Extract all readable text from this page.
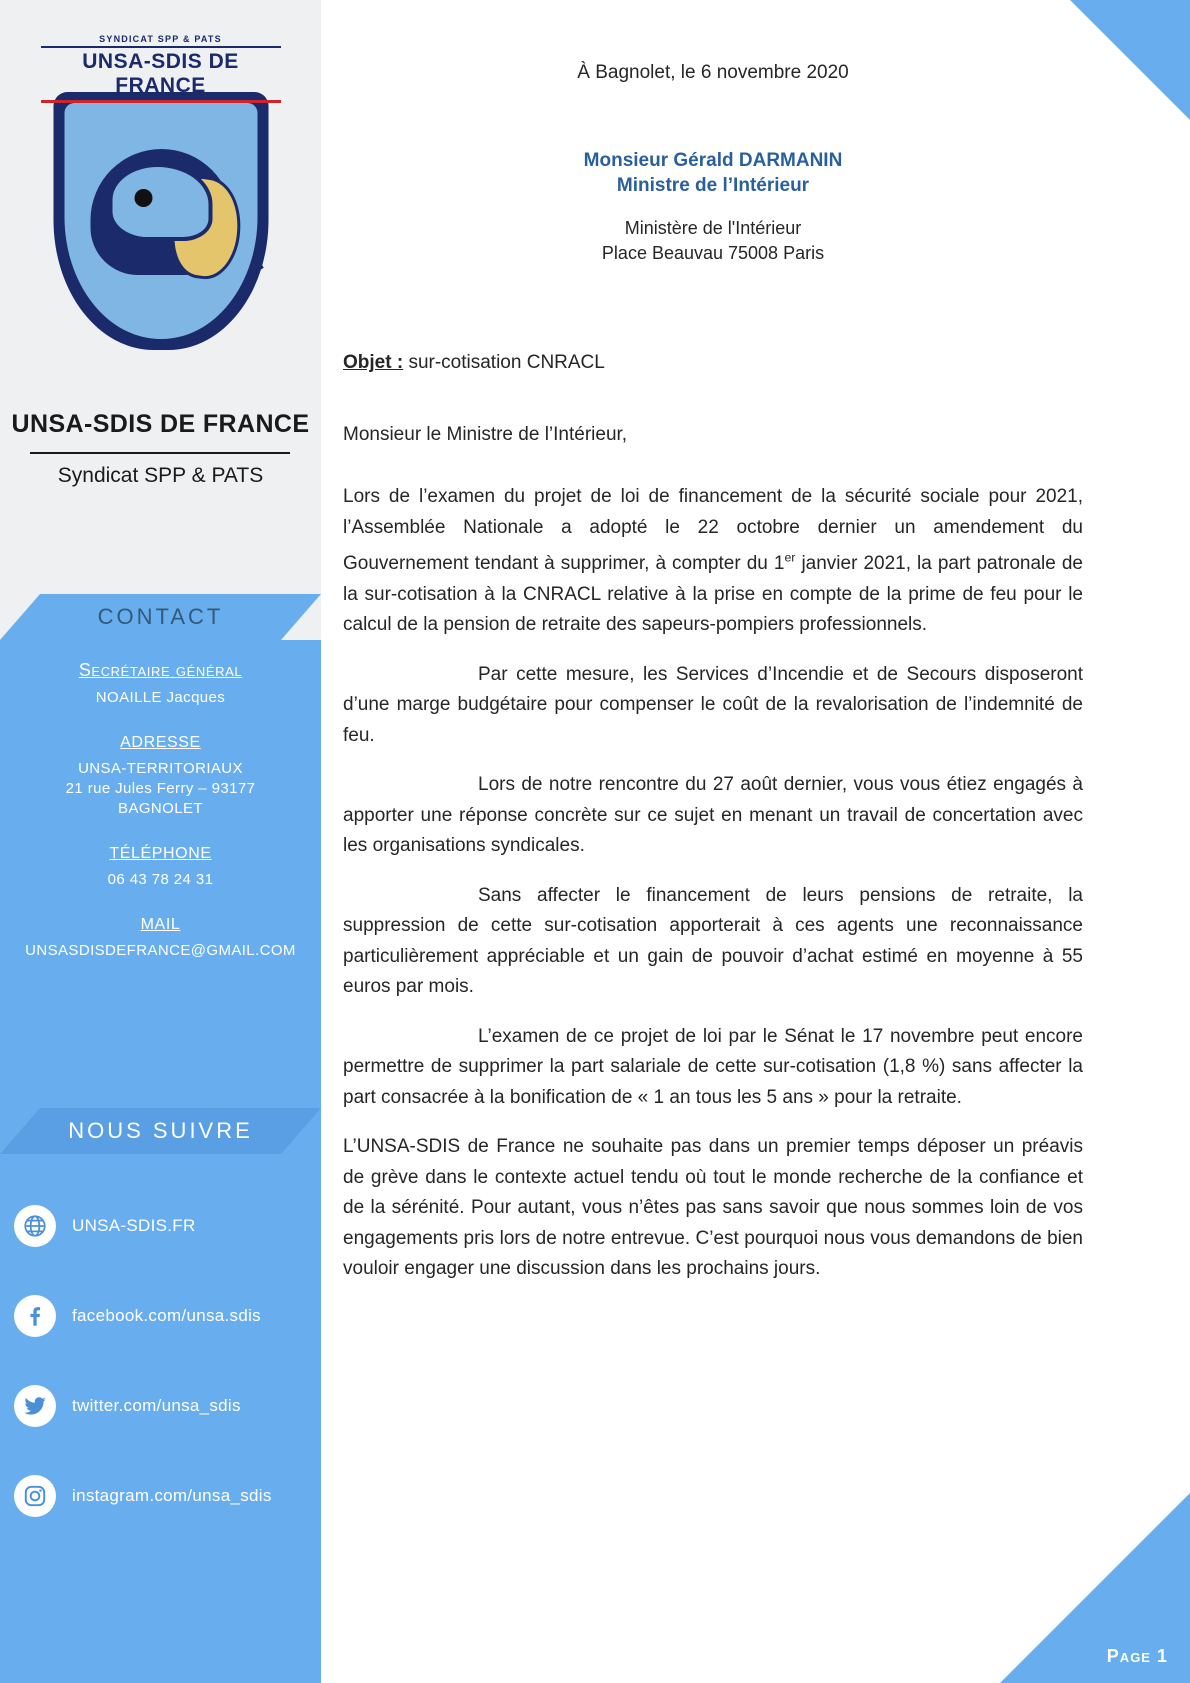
SYNDICAT SPP & PATS
UNSA-SDIS DE FRANCE
UNSA-SDIS DE FRANCE
Syndicat SPP & PATS
CONTACT
Secrétaire général
NOAILLE Jacques
ADRESSE
UNSA-TERRITORIAUX
21 rue Jules Ferry – 93177
BAGNOLET
TÉLÉPHONE
06 43 78 24 31
MAIL
UNSASDISDEFRANCE@GMAIL.COM
NOUS SUIVRE
UNSA-SDIS.FR
facebook.com/unsa.sdis
twitter.com/unsa_sdis
instagram.com/unsa_sdis
Page 1
À Bagnolet, le 6 novembre 2020
Monsieur Gérald DARMANIN
Ministre de l’Intérieur
Ministère de l'Intérieur
Place Beauvau 75008 Paris
Objet : sur-cotisation CNRACL
Monsieur le Ministre de l’Intérieur,

Lors de l’examen du projet de loi de financement de la sécurité sociale pour 2021, l’Assemblée Nationale a adopté le 22 octobre dernier un amendement du Gouvernement tendant à supprimer, à compter du 1er janvier 2021, la part patronale de la sur-cotisation à la CNRACL relative à la prise en compte de la prime de feu pour le calcul de la pension de retraite des sapeurs-pompiers professionnels.

Par cette mesure, les Services d’Incendie et de Secours disposeront d’une marge budgétaire pour compenser le coût de la revalorisation de l’indemnité de feu.

Lors de notre rencontre du 27 août dernier, vous vous étiez engagés à apporter une réponse concrète sur ce sujet en menant un travail de concertation avec les organisations syndicales.

Sans affecter le financement de leurs pensions de retraite, la suppression de cette sur-cotisation apporterait à ces agents une reconnaissance particulièrement appréciable et un gain de pouvoir d’achat estimé en moyenne à 55 euros par mois.

L’examen de ce projet de loi par le Sénat le 17 novembre peut encore permettre de supprimer la part salariale de cette sur-cotisation (1,8 %) sans affecter la part consacrée à la bonification de « 1 an tous les 5 ans » pour la retraite.

L’UNSA-SDIS de France ne souhaite pas dans un premier temps déposer un préavis de grève dans le contexte actuel tendu où tout le monde recherche de la confiance et de la sérénité. Pour autant, vous n’êtes pas sans savoir que nous sommes loin de vos engagements pris lors de notre entrevue. C’est pourquoi nous vous demandons de bien vouloir engager une discussion dans les prochains jours.
